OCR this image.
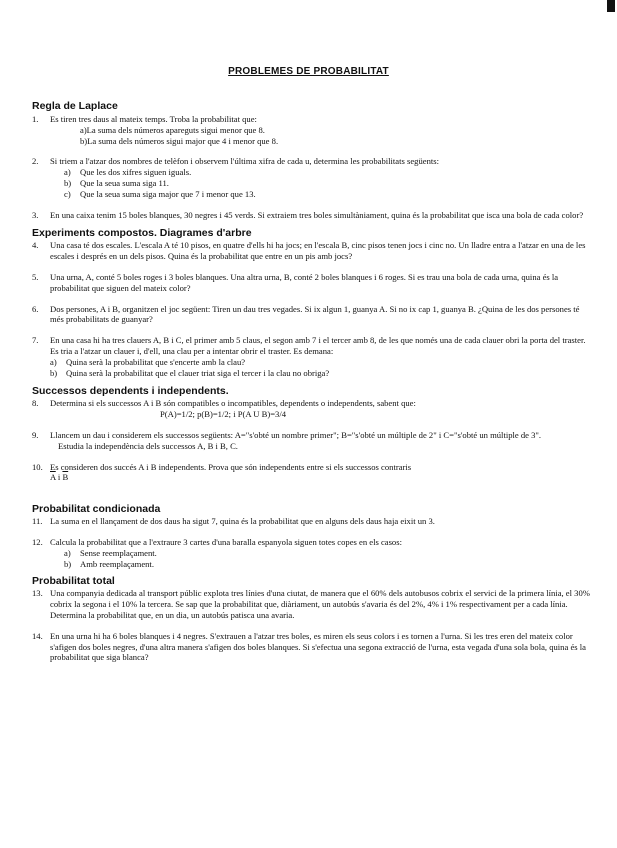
PROBLEMES DE PROBABILITAT
Regla de Laplace
1.	Es tiren tres daus al mateix temps. Troba la probabilitat que:
a)La suma dels números apareguts sigui menor que 8.
b)La suma dels números sigui major que 4 i menor que 8.
2.	Si triem a l'atzar dos nombres de telèfon i observem l'última xifra de cada u, determina les probabilitats següents:
a)	Que les dos xifres siguen iguals.
b)	Que la seua suma siga 11.
c)	Que la seua suma siga major que 7 i menor que 13.
3.	En una caixa tenim 15 boles blanques, 30 negres i 45 verds. Si extraiem tres boles simultàniament, quina és la probabilitat que isca una bola de cada color?
Experiments compostos. Diagrames d'arbre
4.	Una casa té dos escales. L'escala A té 10 pisos, en quatre d'ells hi ha jocs; en l'escala B, cinc pisos tenen jocs i cinc no. Un lladre entra a l'atzar en una de les escales i després en un dels pisos. Quina és la probabilitat que entre en un pis amb jocs?
5.	Una urna, A, conté 5 boles roges i 3 boles blanques. Una altra urna, B, conté 2 boles blanques i 6 roges. Si es trau una bola de cada urna, quina és la probabilitat que siguen del mateix color?
6.	Dos persones, A i B, organitzen el joc següent: Tiren un dau tres vegades. Si ix algun 1, guanya A. Si no ix cap 1, guanya B. ¿Quina de les dos persones té més probabilitats de guanyar?
7.	En una casa hi ha tres clauers A, B i C, el primer amb 5 claus, el segon amb 7 i el tercer amb 8, de les que només una de cada clauer obri la porta del traster. Es tria a l'atzar un clauer i, d'ell, una clau per a intentar obrir el traster. Es demana:
a)	Quina serà la probabilitat que s'encerte amb la clau?
b)	Quina serà la probabilitat que el clauer triat siga el tercer i la clau no obriga?
Successos dependents i independents.
8.	Determina si els successos A i B són compatibles o incompatibles, dependents o independents, sabent que:
P(A)=1/2; p(B)=1/2; i P(A U B)=3/4
9.	Llancem un dau i considerem els successos següents: A="s'obté un nombre primer"; B="s'obté un múltiple de 2" i C="s'obté un múltiple de 3".
Estudia la independència dels successos A, B i B, C.
10. Es consideren dos succés A i B independents. Prova que són independents entre si els successos contraris
$\overline{A}$ i $\overline{B}$
Probabilitat condicionada
11. La suma en el llançament de dos daus ha sigut 7, quina és la probabilitat que en alguns dels daus haja eixit un 3.
12. Calcula la probabilitat que a l'extraure 3 cartes d'una baralla espanyola siguen totes copes en els casos:
a)	Sense reemplaçament.
b)	Amb reemplaçament.
Probabilitat total
13. Una companyia dedicada al transport públic explota tres línies d'una ciutat, de manera que el 60% dels autobusos cobrix el servici de la primera línia, el 30% cobrix la segona i el 10% la tercera. Se sap que la probabilitat que, diàriament, un autobús s'avaria és del 2%, 4% i 1% respectivament per a cada línia. Determina la probabilitat que, en un dia, un autobús patisca una avaria.
14. En una urna hi ha 6 boles blanques i 4 negres. S'extrauen a l'atzar tres boles, es miren els seus colors i es tornen a l'urna. Si les tres eren del mateix color s'afigen dos boles negres, d'una altra manera s'afigen dos boles blanques. Si s'efectua una segona extracció de l'urna, esta vegada d'una sola bola, quina és la probabilitat que siga blanca?
